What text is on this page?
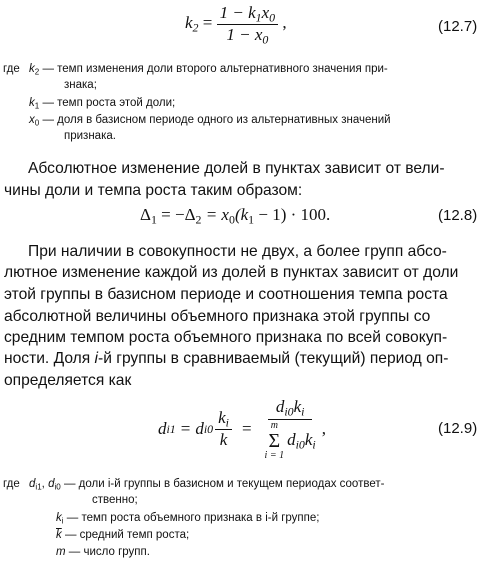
$k_2 = \frac{1 - k_1x_0}{1 - x_0}$ ,	(12.7)
где $k_2$ — темп изменения доли второго альтернативного значения при-
знака;
$k_1$ — темп роста этой доли;
$x_0$ — доля в базисном периоде одного из альтернативных значений
признака.
Абсолютное изменение долей в пунктах зависит от вели-
чины доли и темпа роста таким образом:
$\Delta_1 = -\Delta_2 = x_0(k_1 - 1) \cdot 100$.	(12.8)
При наличии в совокупности не двух, а более групп абсо-
лютное изменение каждой из долей в пунктах зависит от доли
этой группы в базисном периоде и соотношения темпа роста
абсолютной величины объемного признака этой группы со
средним темпом роста объемного признака по всей совокуп-
ности. Доля i-й группы в сравниваемый (текущий) период оп-
определяется как
d i1 = d $i0 \frac{k_i}{k} = d_{i0}k_i$
m
Σ
i = 1
$d_{i0}k_i$ ,	(12.9)
где $d_{i1}$, $d_{i0}$ — доли i-й группы в базисном и текущем периодах соответ-
ственно;
$k_i$ — темп роста объемного признака в i-й группе;
$\overline{k}$ — средний темп роста;
m — число групп.
